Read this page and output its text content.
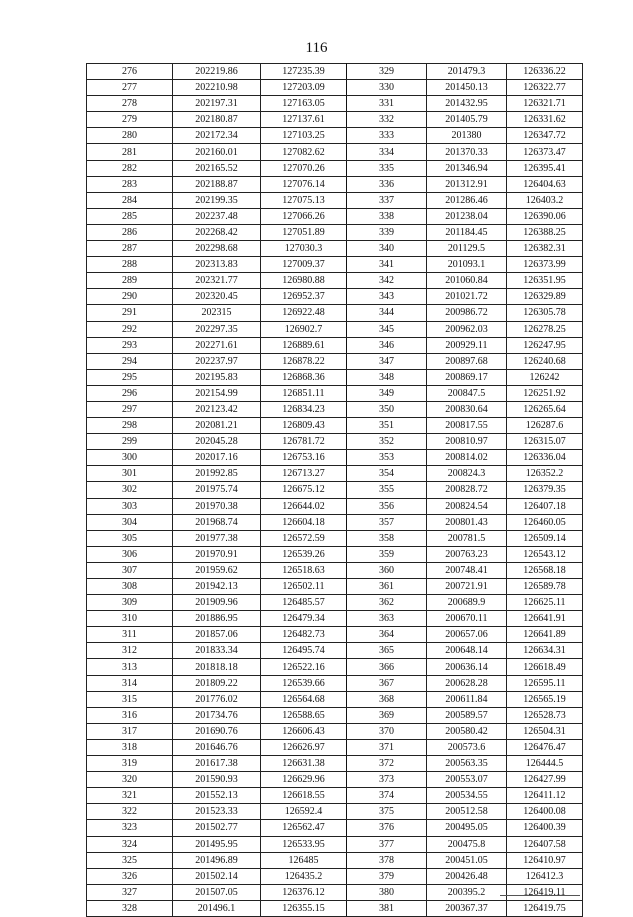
116
276	202219.86	127235.39	329	201479.3	126336.22
277	202210.98	127203.09	330	201450.13	126322.77
278	202197.31	127163.05	331	201432.95	126321.71
279	202180.87	127137.61	332	201405.79	126331.62
280	202172.34	127103.25	333	201380	126347.72
281	202160.01	127082.62	334	201370.33	126373.47
282	202165.52	127070.26	335	201346.94	126395.41
283	202188.87	127076.14	336	201312.91	126404.63
284	202199.35	127075.13	337	201286.46	126403.2
285	202237.48	127066.26	338	201238.04	126390.06
286	202268.42	127051.89	339	201184.45	126388.25
287	202298.68	127030.3	340	201129.5	126382.31
288	202313.83	127009.37	341	201093.1	126373.99
289	202321.77	126980.88	342	201060.84	126351.95
290	202320.45	126952.37	343	201021.72	126329.89
291	202315	126922.48	344	200986.72	126305.78
292	202297.35	126902.7	345	200962.03	126278.25
293	202271.61	126889.61	346	200929.11	126247.95
294	202237.97	126878.22	347	200897.68	126240.68
295	202195.83	126868.36	348	200869.17	126242
296	202154.99	126851.11	349	200847.5	126251.92
297	202123.42	126834.23	350	200830.64	126265.64
298	202081.21	126809.43	351	200817.55	126287.6
299	202045.28	126781.72	352	200810.97	126315.07
300	202017.16	126753.16	353	200814.02	126336.04
301	201992.85	126713.27	354	200824.3	126352.2
302	201975.74	126675.12	355	200828.72	126379.35
303	201970.38	126644.02	356	200824.54	126407.18
304	201968.74	126604.18	357	200801.43	126460.05
305	201977.38	126572.59	358	200781.5	126509.14
306	201970.91	126539.26	359	200763.23	126543.12
307	201959.62	126518.63	360	200748.41	126568.18
308	201942.13	126502.11	361	200721.91	126589.78
309	201909.96	126485.57	362	200689.9	126625.11
310	201886.95	126479.34	363	200670.11	126641.91
311	201857.06	126482.73	364	200657.06	126641.89
312	201833.34	126495.74	365	200648.14	126634.31
313	201818.18	126522.16	366	200636.14	126618.49
314	201809.22	126539.66	367	200628.28	126595.11
315	201776.02	126564.68	368	200611.84	126565.19
316	201734.76	126588.65	369	200589.57	126528.73
317	201690.76	126606.43	370	200580.42	126504.31
318	201646.76	126626.97	371	200573.6	126476.47
319	201617.38	126631.38	372	200563.35	126444.5
320	201590.93	126629.96	373	200553.07	126427.99
321	201552.13	126618.55	374	200534.55	126411.12
322	201523.33	126592.4	375	200512.58	126400.08
323	201502.77	126562.47	376	200495.05	126400.39
324	201495.95	126533.95	377	200475.8	126407.58
325	201496.89	126485	378	200451.05	126410.97
326	201502.14	126435.2	379	200426.48	126412.3
327	201507.05	126376.12	380	200395.2	126419.11
328	201496.1	126355.15	381	200367.37	126419.75
